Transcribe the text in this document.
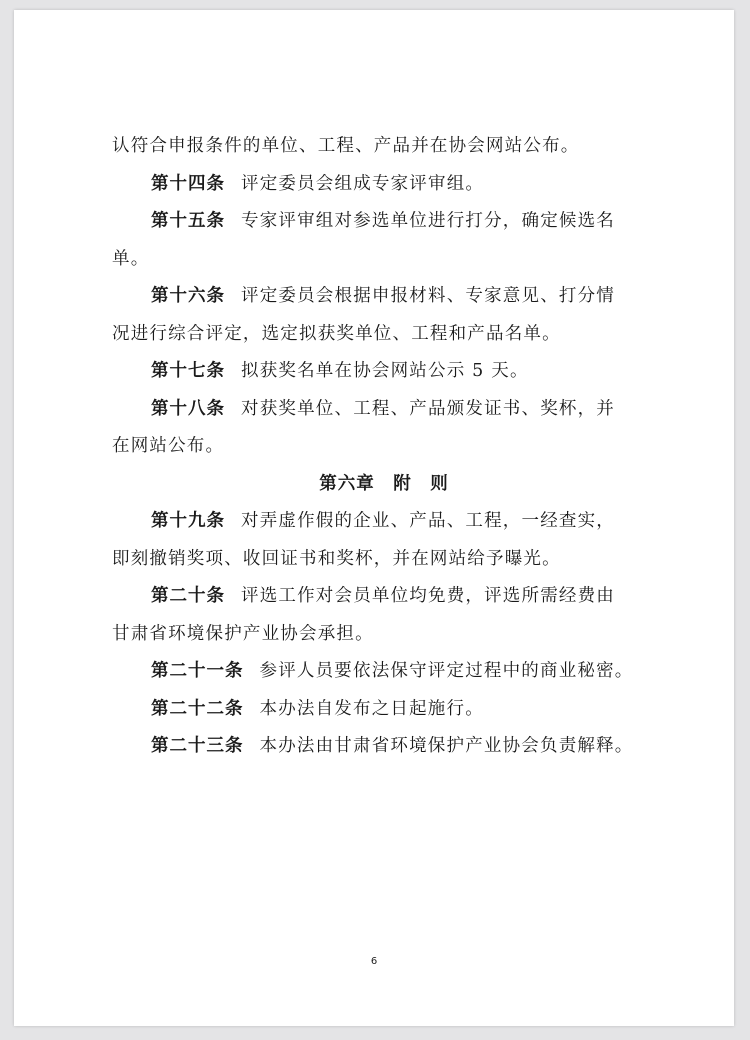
认符合申报条件的单位、工程、产品并在协会网站公布。
第十四条 评定委员会组成专家评审组。
第十五条 专家评审组对参选单位进行打分，确定候选名
单。
第十六条 评定委员会根据申报材料、专家意见、打分情
况进行综合评定，选定拟获奖单位、工程和产品名单。
第十七条 拟获奖名单在协会网站公示 5 天。
第十八条 对获奖单位、工程、产品颁发证书、奖杯，并
在网站公布。
第六章　附　则
第十九条 对弄虚作假的企业、产品、工程，一经查实，
即刻撤销奖项、收回证书和奖杯，并在网站给予曝光。
第二十条 评选工作对会员单位均免费，评选所需经费由
甘肃省环境保护产业协会承担。
第二十一条 参评人员要依法保守评定过程中的商业秘密。
第二十二条 本办法自发布之日起施行。
第二十三条 本办法由甘肃省环境保护产业协会负责解释。
6
